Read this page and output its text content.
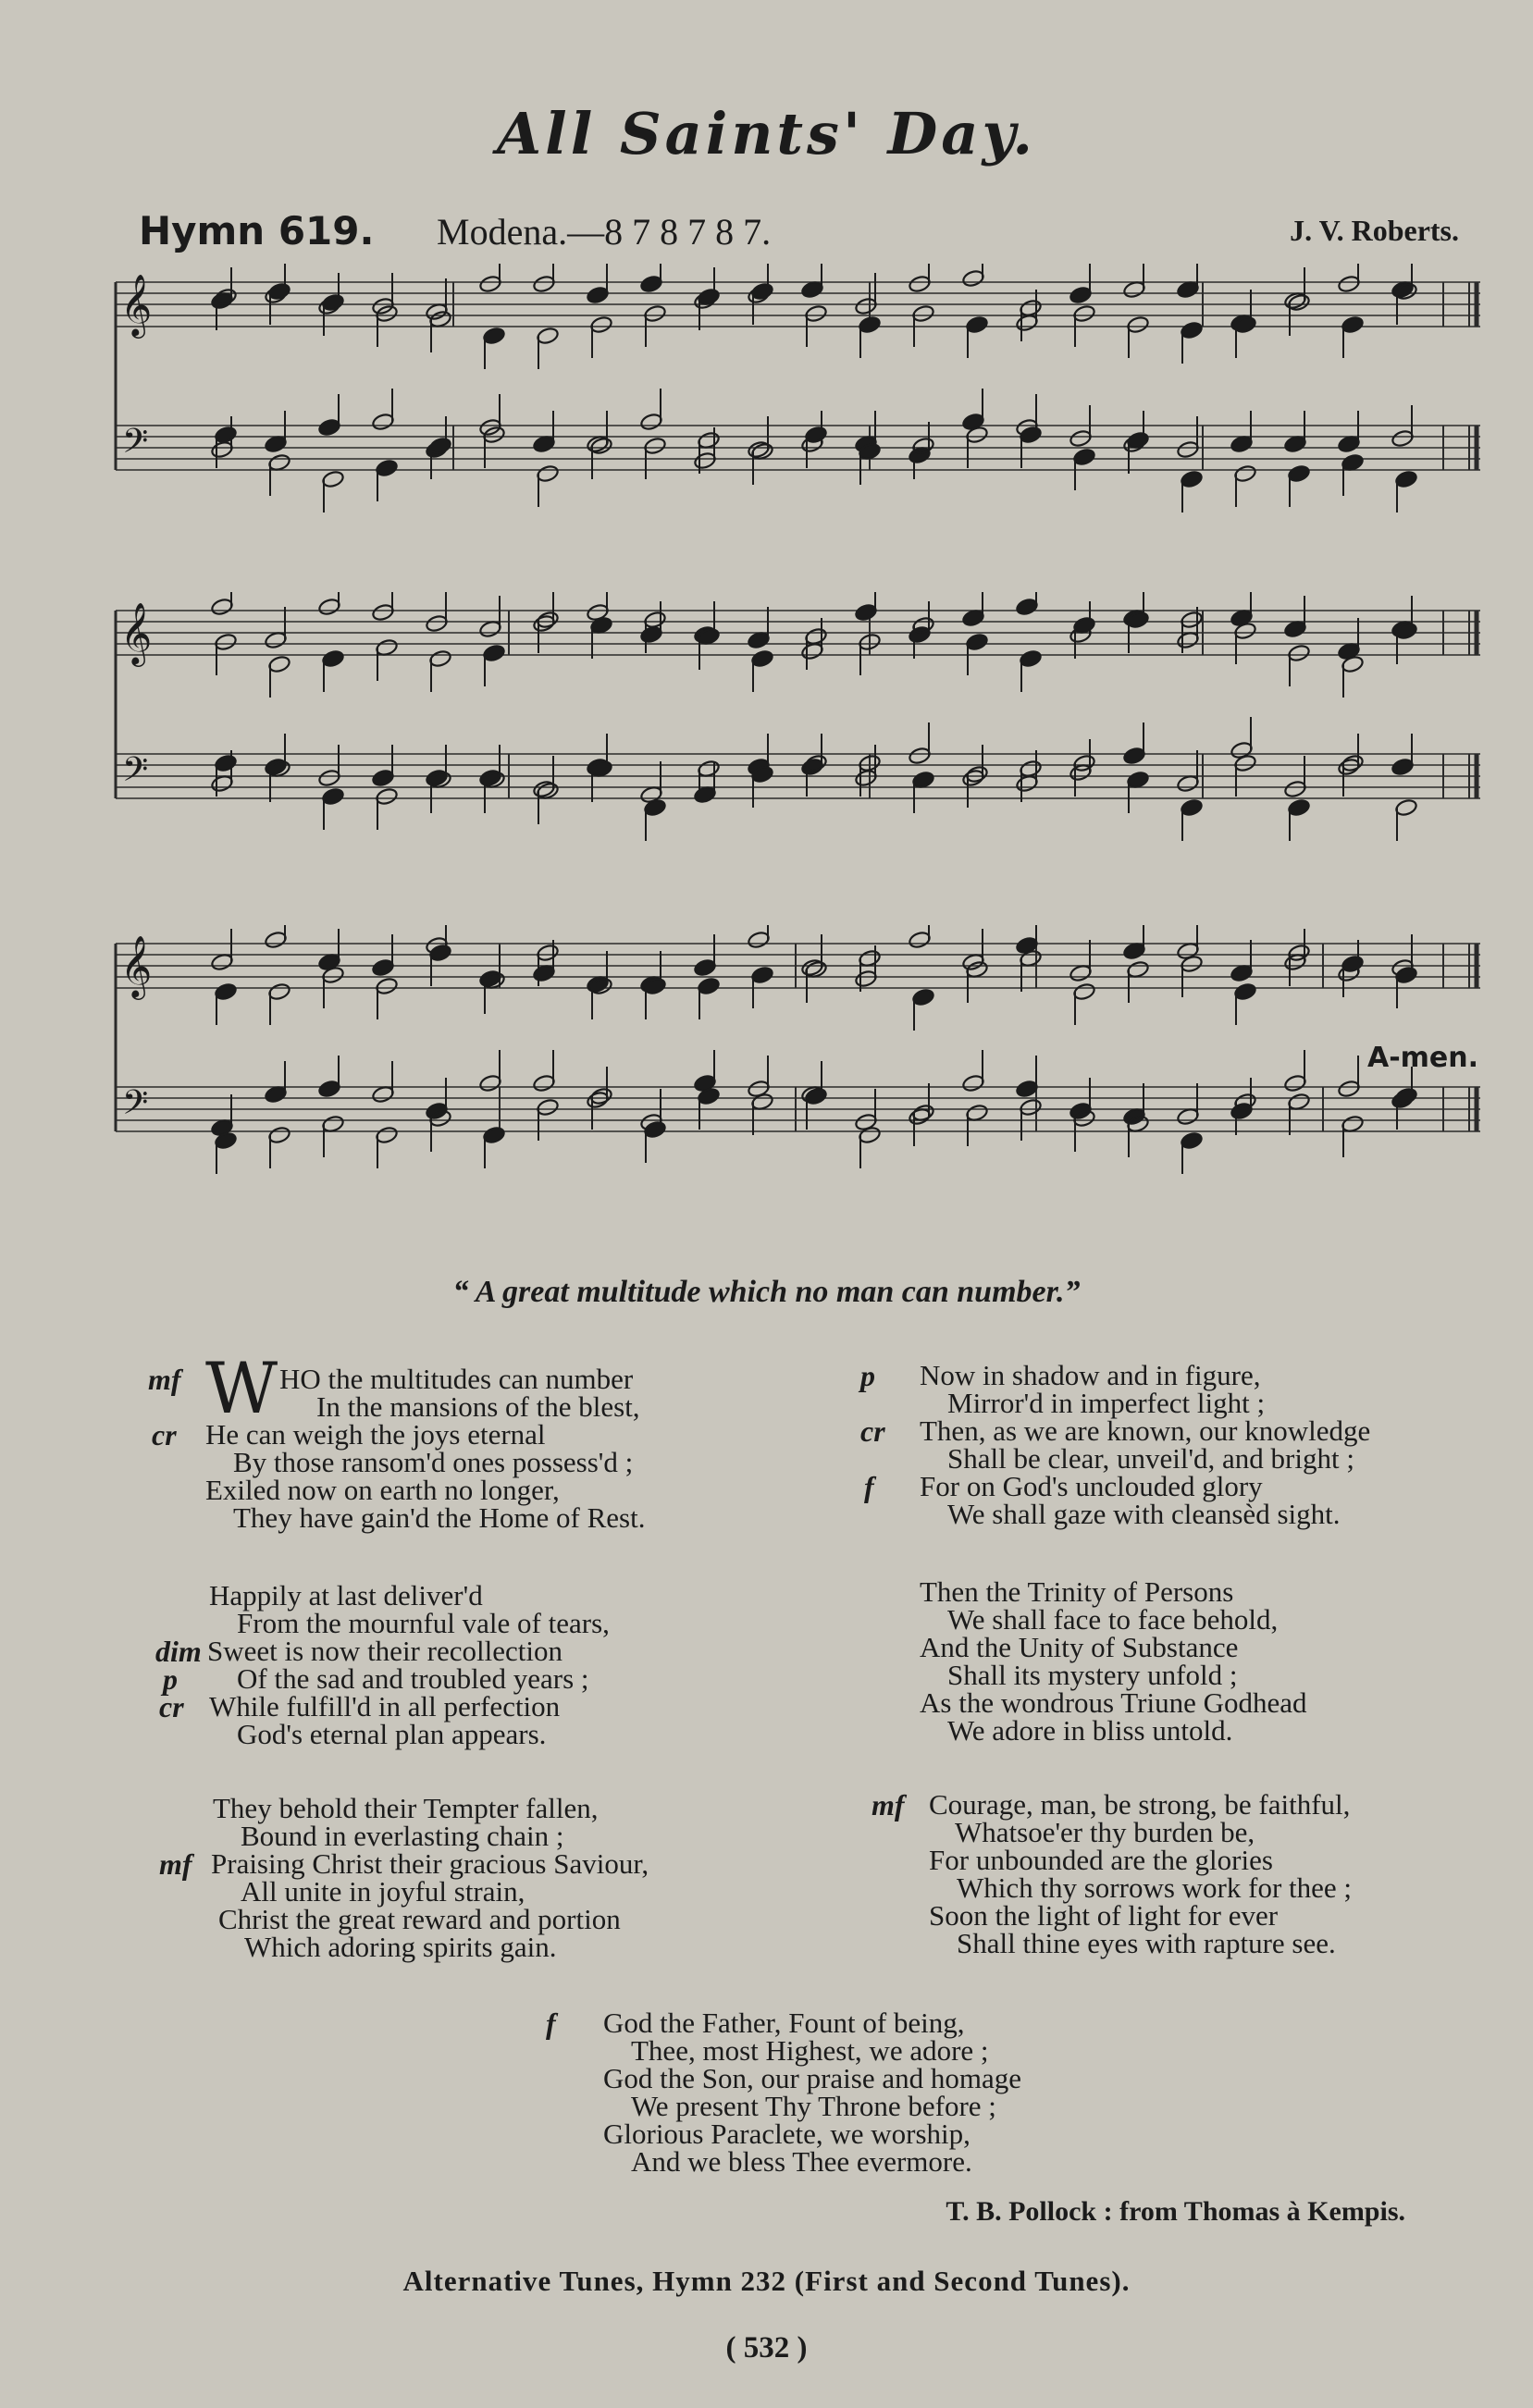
All Saints' Day.
Hymn 619. Modena.—8 7 8 7 8 7.	J. V. Roberts.
𝄞
𝄢
𝄞
𝄢
𝄞
𝄢
A-men.
“ A great multitude which no man can number.”
mf W HO the multitudes can number
In the mansions of the blest,
cr He can weigh the joys eternal
By those ransom'd ones possess'd ;
Exiled now on earth no longer,
They have gain'd the Home of Rest.
p Now in shadow and in figure,
Mirror'd in imperfect light ;
cr Then, as we are known, our knowledge
Shall be clear, unveil'd, and bright ;
f For on God's unclouded glory
We shall gaze with cleansèd sight.
Happily at last deliver'd
From the mournful vale of tears,
dim Sweet is now their recollection
p Of the sad and troubled years ;
cr While fulfill'd in all perfection
God's eternal plan appears.
Then the Trinity of Persons
We shall face to face behold,
And the Unity of Substance
Shall its mystery unfold ;
As the wondrous Triune Godhead
We adore in bliss untold.
They behold their Tempter fallen,
Bound in everlasting chain ;
mf Praising Christ their gracious Saviour,
All unite in joyful strain,
Christ the great reward and portion
Which adoring spirits gain.
mf Courage, man, be strong, be faithful,
Whatsoe'er thy burden be,
For unbounded are the glories
Which thy sorrows work for thee ;
Soon the light of light for ever
Shall thine eyes with rapture see.
f God the Father, Fount of being,
Thee, most Highest, we adore ;
God the Son, our praise and homage
We present Thy Throne before ;
Glorious Paraclete, we worship,
And we bless Thee evermore.
T. B. Pollock : from Thomas à Kempis.
Alternative Tunes, Hymn 232 (First and Second Tunes).
( 532 )
